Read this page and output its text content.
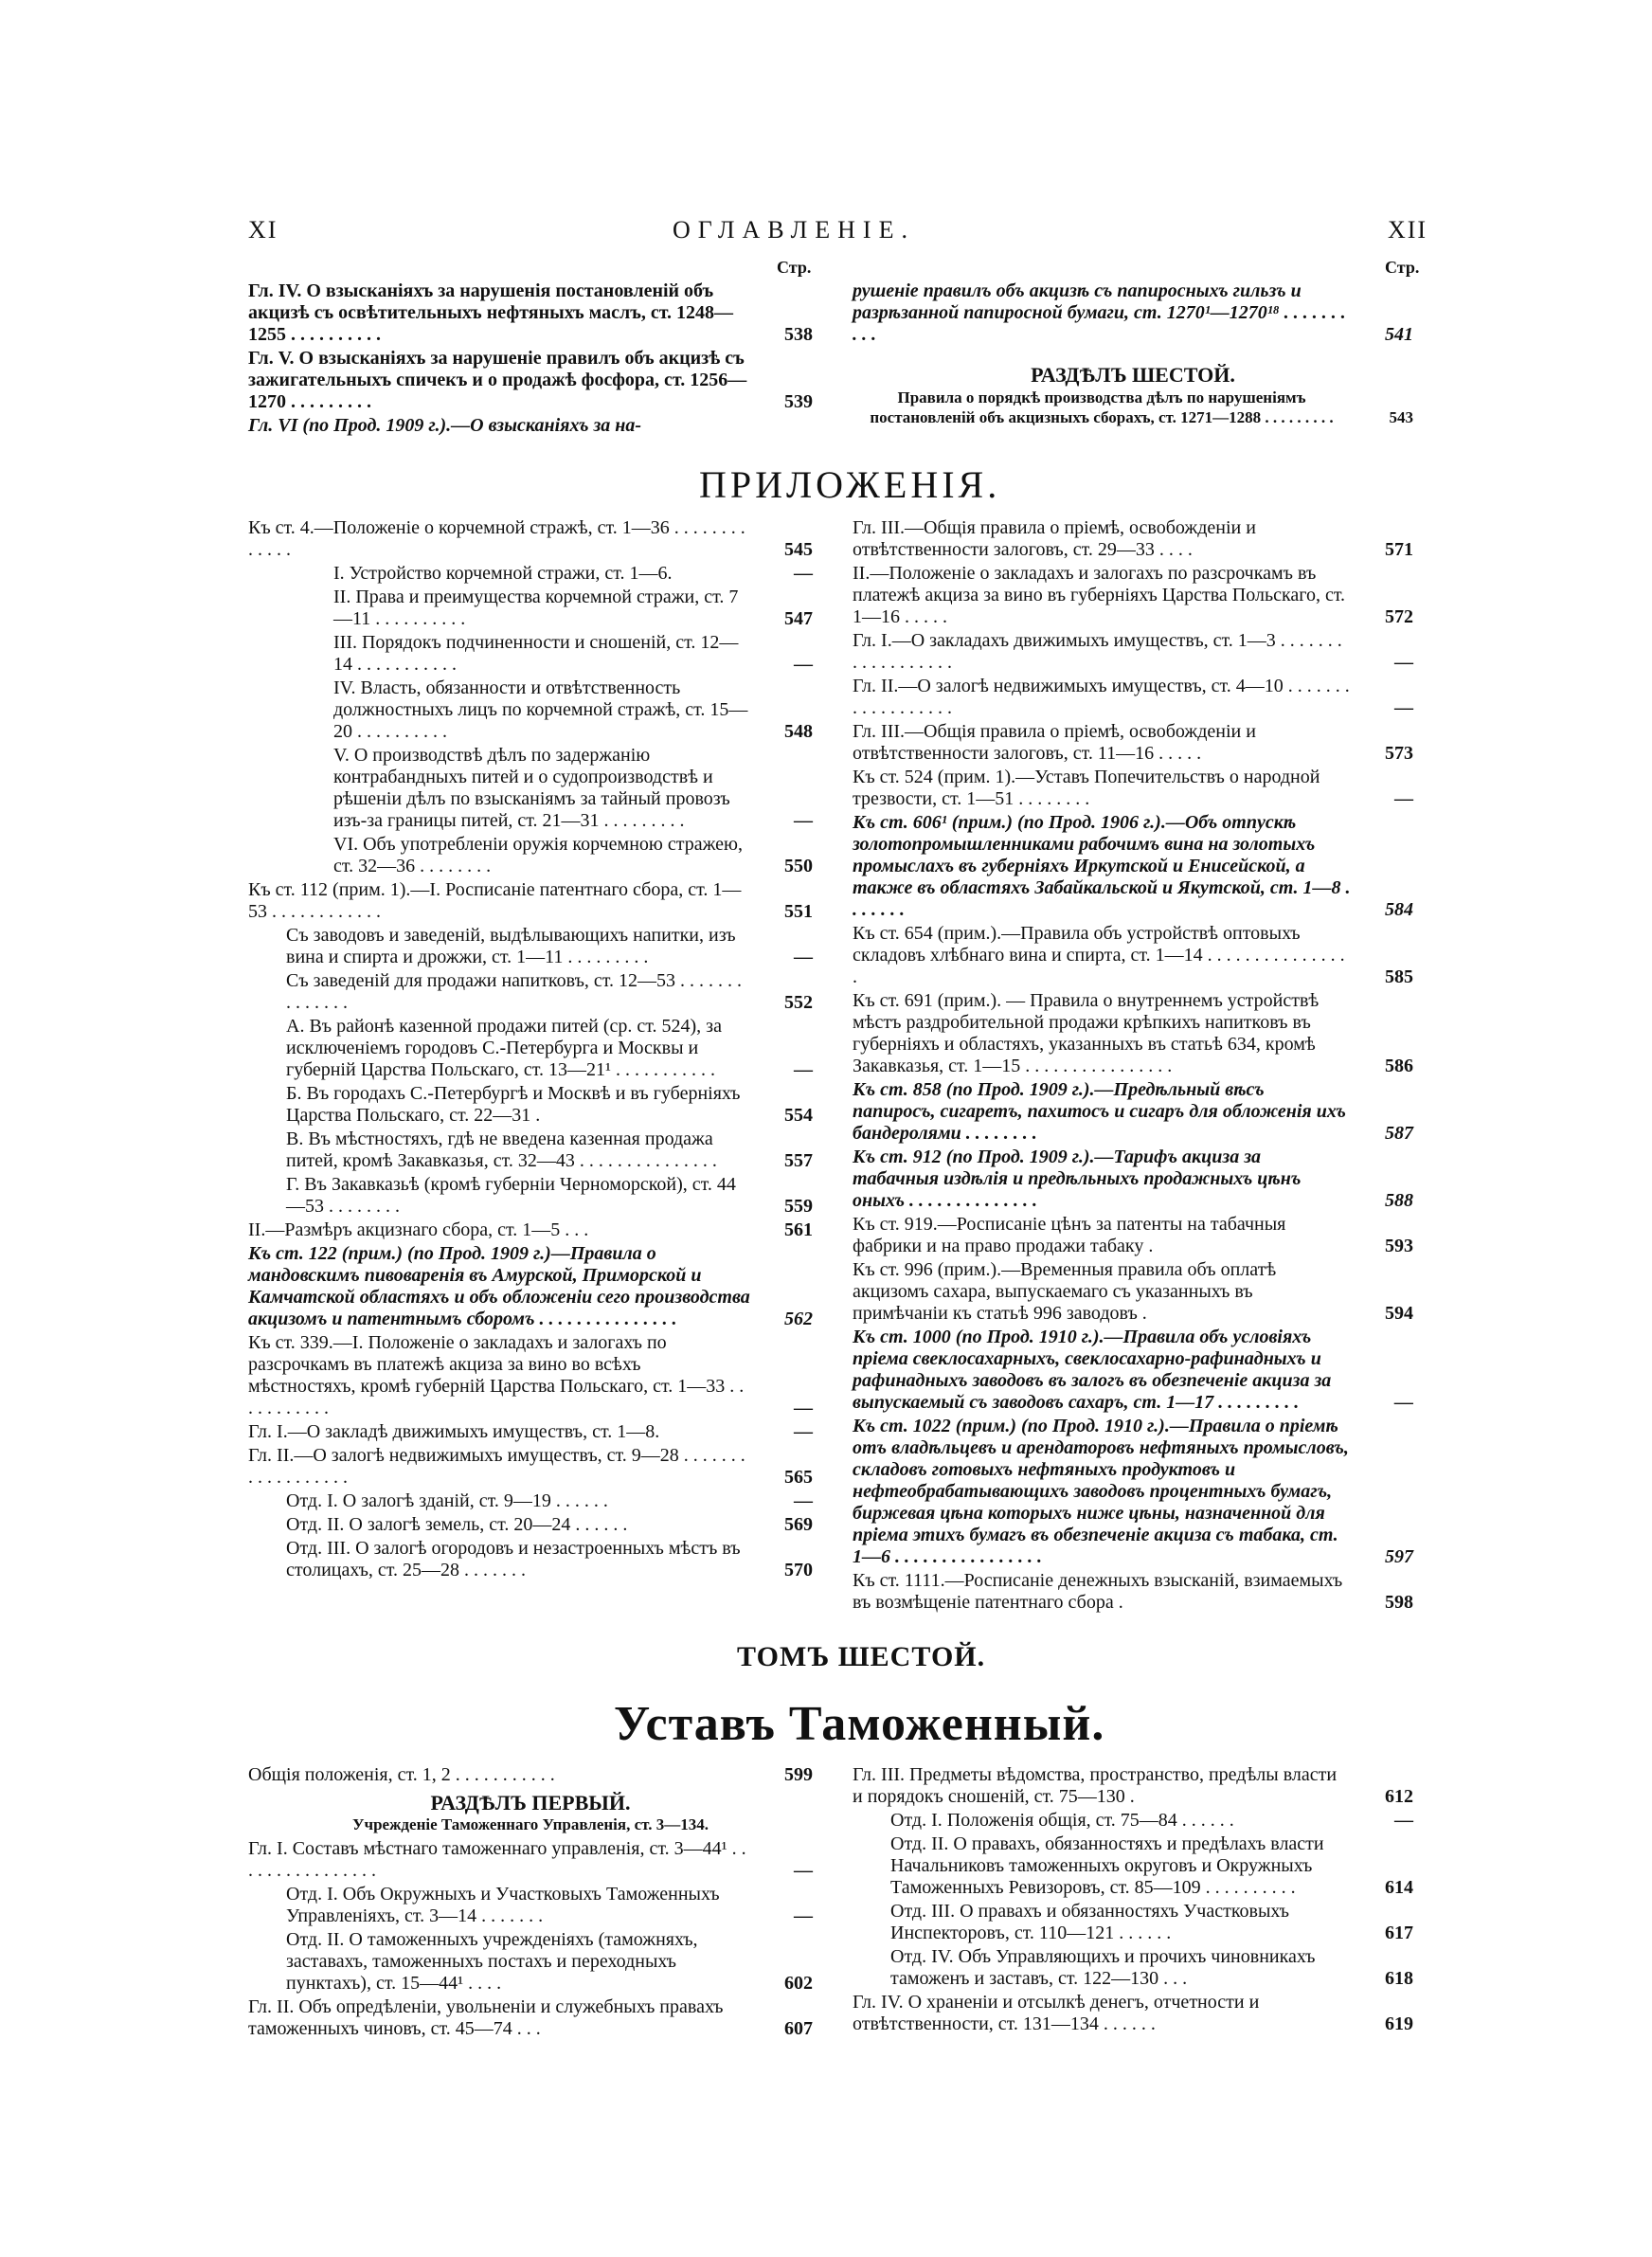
XI	ОГЛАВЛЕНІЕ.	XII
Стр.	Стр.
Гл. IV. О взысканіяхъ за нарушенія постановленій объ акцизѣ съ освѣтительныхъ нефтяныхъ маслъ, ст. 1248—1255 . . . . . . . . . .	538
Гл. V. О взысканіяхъ за нарушеніе правилъ объ акцизѣ съ зажигательныхъ спичекъ и о продажѣ фосфора, ст. 1256—1270 . . . . . . . . .	539
Гл. VI (по Прод. 1909 г.).—О взысканіяхъ за на-
рушеніе правилъ объ акцизѣ съ папиросныхъ гильзъ и разрѣзанной папиросной бумаги, ст. 1270¹—1270¹⁸ . . . . . . . . . .	541
РАЗДѢЛЪ ШЕСТОЙ.
Правила о порядкѣ производства дѣлъ по нарушеніямъ постановленій объ акцизныхъ сборахъ, ст. 1271—1288 . . . . . . . . .	543
ПРИЛОЖЕНІЯ.
Къ ст. 4.—Положеніе о корчемной стражѣ, ст. 1—36 . . . . . . . . . . . . .	545
I. Устройство корчемной стражи, ст. 1—6.	—
II. Права и преимущества корчемной стражи, ст. 7—11 . . . . . . . . . .	547
III. Порядокъ подчиненности и сношеній, ст. 12—14 . . . . . . . . . . .	—
IV. Власть, обязанности и отвѣтственность должностныхъ лицъ по корчемной стражѣ, ст. 15—20 . . . . . . . . . .	548
V. О производствѣ дѣлъ по задержанію контрабандныхъ питей и о судопроизводствѣ и рѣшеніи дѣлъ по взысканіямъ за тайный провозъ изъ-за границы питей, ст. 21—31 . . . . . . . . .	—
VI. Объ употребленіи оружія корчемною стражею, ст. 32—36 . . . . . . . .	550
Къ ст. 112 (прим. 1).—I. Росписаніе патентнаго сбора, ст. 1—53 . . . . . . . . . . . .	551
Съ заводовъ и заведеній, выдѣлывающихъ напитки, изъ вина и спирта и дрожжи, ст. 1—11 . . . . . . . . .	—
Съ заведеній для продажи напитковъ, ст. 12—53 . . . . . . . . . . . . . .	552
А. Въ районѣ казенной продажи питей (ср. ст. 524), за исключеніемъ городовъ С.-Петербурга и Москвы и губерній Царства Польскаго, ст. 13—21¹ . . . . . . . . . . .	—
Б. Въ городахъ С.-Петербургѣ и Москвѣ и въ губерніяхъ Царства Польскаго, ст. 22—31 .	554
В. Въ мѣстностяхъ, гдѣ не введена казенная продажа питей, кромѣ Закавказья, ст. 32—43 . . . . . . . . . . . . . . .	557
Г. Въ Закавказьѣ (кромѣ губерніи Черноморской), ст. 44—53 . . . . . . . .	559
II.—Размѣръ акцизнаго сбора, ст. 1—5 . . .	561
Къ ст. 122 (прим.) (по Прод. 1909 г.)—Правила о мандовскимъ пивоваренія въ Амурской, Приморской и Камчатской областяхъ и объ обложеніи сего производства акцизомъ и патентнымъ сборомъ . . . . . . . . . . . . . . .	562
Къ ст. 339.—I. Положеніе о закладахъ и залогахъ по разсрочкамъ въ платежѣ акциза за вино во всѣхъ мѣстностяхъ, кромѣ губерній Царства Польскаго, ст. 1—33 . . . . . . . . . . .	—
Гл. I.—О закладѣ движимыхъ имуществъ, ст. 1—8.	—
Гл. II.—О залогѣ недвижимыхъ имуществъ, ст. 9—28 . . . . . . . . . . . . . . . . . .	565
Отд. I. О залогѣ зданій, ст. 9—19 . . . . . .	—
Отд. II. О залогѣ земель, ст. 20—24 . . . . . .	569
Отд. III. О залогѣ огородовъ и незастроенныхъ мѣстъ въ столицахъ, ст. 25—28 . . . . . . .	570
Гл. III.—Общія правила о пріемѣ, освобожденіи и отвѣтственности залоговъ, ст. 29—33 . . . .	571
II.—Положеніе о закладахъ и залогахъ по разсрочкамъ въ платежѣ акциза за вино въ губерніяхъ Царства Польскаго, ст. 1—16 . . . . .	572
Гл. I.—О закладахъ движимыхъ имуществъ, ст. 1—3 . . . . . . . . . . . . . . . . . .	—
Гл. II.—О залогѣ недвижимыхъ имуществъ, ст. 4—10 . . . . . . . . . . . . . . . . . .	—
Гл. III.—Общія правила о пріемѣ, освобожденіи и отвѣтственности залоговъ, ст. 11—16 . . . . .	573
Къ ст. 524 (прим. 1).—Уставъ Попечительствъ о народной трезвости, ст. 1—51 . . . . . . . .	—
Къ ст. 606¹ (прим.) (по Прод. 1906 г.).—Объ отпускѣ золотопромышленниками рабочимъ вина на золотыхъ промыслахъ въ губерніяхъ Иркутской и Енисейской, а также въ областяхъ Забайкальской и Якутской, ст. 1—8 . . . . . . .	584
Къ ст. 654 (прим.).—Правила объ устройствѣ оптовыхъ складовъ хлѣбнаго вина и спирта, ст. 1—14 . . . . . . . . . . . . . . . .	585
Къ ст. 691 (прим.). — Правила о внутреннемъ устройствѣ мѣстъ раздробительной продажи крѣпкихъ напитковъ въ губерніяхъ и областяхъ, указанныхъ въ статьѣ 634, кромѣ Закавказья, ст. 1—15 . . . . . . . . . . . . . . . .	586
Къ ст. 858 (по Прод. 1909 г.).—Предѣльный вѣсъ папиросъ, сигаретъ, пахитосъ и сигаръ для обложенія ихъ бандеролями . . . . . . . .	587
Къ ст. 912 (по Прод. 1909 г.).—Тарифъ акциза за табачныя издѣлія и предѣльныхъ продажныхъ цѣнъ оныхъ . . . . . . . . . . . . . .	588
Къ ст. 919.—Росписаніе цѣнъ за патенты на табачныя фабрики и на право продажи табаку .	593
Къ ст. 996 (прим.).—Временныя правила объ оплатѣ акцизомъ сахара, выпускаемаго съ указанныхъ въ примѣчаніи къ статьѣ 996 заводовъ .	594
Къ ст. 1000 (по Прод. 1910 г.).—Правила объ условіяхъ пріема свеклосахарныхъ, свеклосахарно-рафинадныхъ и рафинадныхъ заводовъ въ залогъ въ обезпеченіе акциза за выпускаемый съ заводовъ сахаръ, ст. 1—17 . . . . . . . . .	—
Къ ст. 1022 (прим.) (по Прод. 1910 г.).—Правила о пріемѣ отъ владѣльцевъ и арендаторовъ нефтяныхъ промысловъ, складовъ готовыхъ нефтяныхъ продуктовъ и нефтеобрабатывающихъ заводовъ процентныхъ бумагъ, биржевая цѣна которыхъ ниже цѣны, назначенной для пріема этихъ бумагъ въ обезпеченіе акциза съ табака, ст. 1—6 . . . . . . . . . . . . . . . .	597
Къ ст. 1111.—Росписаніе денежныхъ взысканій, взимаемыхъ въ возмѣщеніе патентнаго сбора .	598
ТОМЪ ШЕСТОЙ.
Уставъ Таможенный.
Общія положенія, ст. 1, 2 . . . . . . . . . . .	599
РАЗДѢЛЪ ПЕРВЫЙ.
Учрежденіе Таможеннаго Управленія, ст. 3—134.
Гл. I. Составъ мѣстнаго таможеннаго управленія, ст. 3—44¹ . . . . . . . . . . . . . . . .	—
Отд. I. Объ Окружныхъ и Участковыхъ Таможенныхъ Управленіяхъ, ст. 3—14 . . . . . . .	—
Отд. II. О таможенныхъ учрежденіяхъ (таможняхъ, заставахъ, таможенныхъ постахъ и переходныхъ пунктахъ), ст. 15—44¹ . . . .	602
Гл. II. Объ опредѣленіи, увольненіи и служебныхъ правахъ таможенныхъ чиновъ, ст. 45—74 . . .	607
Гл. III. Предметы вѣдомства, пространство, предѣлы власти и порядокъ сношеній, ст. 75—130 .	612
Отд. I. Положенія общія, ст. 75—84 . . . . . .	—
Отд. II. О правахъ, обязанностяхъ и предѣлахъ власти Начальниковъ таможенныхъ округовъ и Окружныхъ Таможенныхъ Ревизоровъ, ст. 85—109 . . . . . . . . . .	614
Отд. III. О правахъ и обязанностяхъ Участковыхъ Инспекторовъ, ст. 110—121 . . . . . .	617
Отд. IV. Объ Управляющихъ и прочихъ чиновникахъ таможенъ и заставъ, ст. 122—130 . . .	618
Гл. IV. О храненіи и отсылкѣ денегъ, отчетности и отвѣтственности, ст. 131—134 . . . . . .	619
